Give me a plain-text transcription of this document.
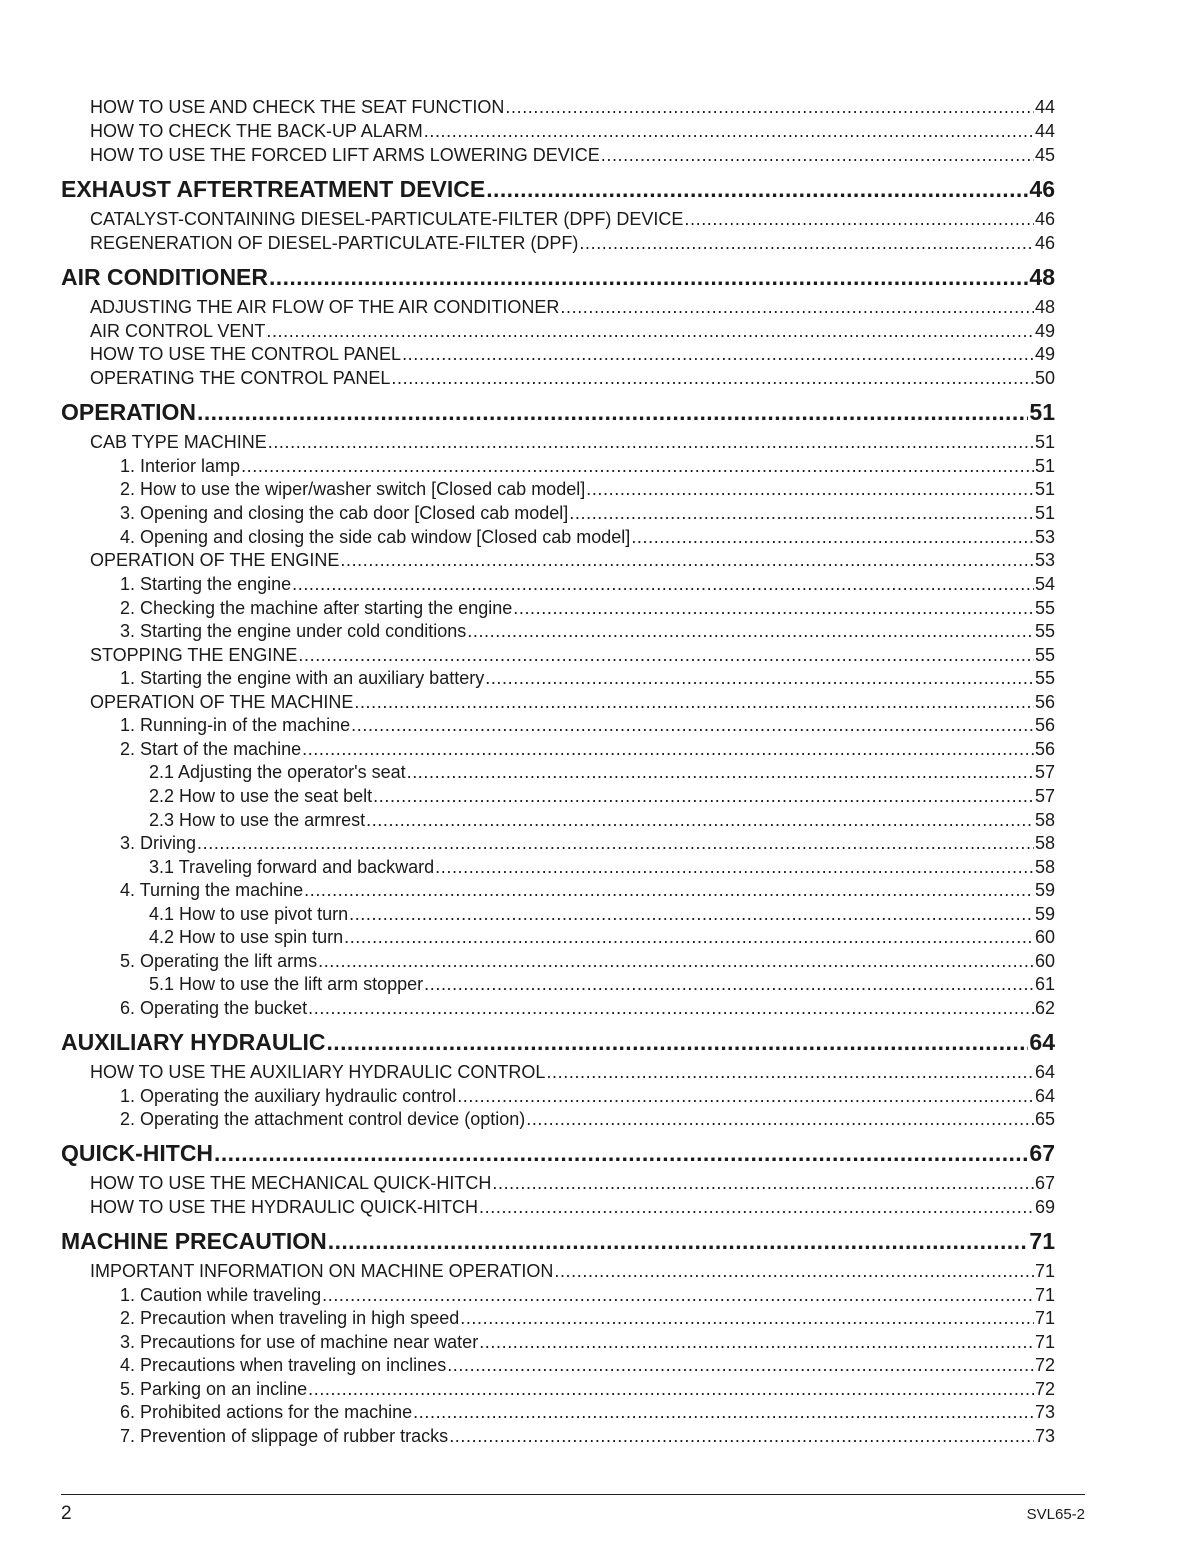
HOW TO USE AND CHECK THE SEAT FUNCTION .....	44
HOW TO CHECK THE BACK-UP ALARM .....	44
HOW TO USE THE FORCED LIFT ARMS LOWERING DEVICE .....	45
EXHAUST AFTERTREATMENT DEVICE .....	46
CATALYST-CONTAINING DIESEL-PARTICULATE-FILTER (DPF) DEVICE .....	46
REGENERATION OF DIESEL-PARTICULATE-FILTER (DPF) .....	46
AIR CONDITIONER .....	48
ADJUSTING THE AIR FLOW OF THE AIR CONDITIONER .....	48
AIR CONTROL VENT .....	49
HOW TO USE THE CONTROL PANEL .....	49
OPERATING THE CONTROL PANEL .....	50
OPERATION .....	51
CAB TYPE MACHINE .....	51
1. Interior lamp .....	51
2. How to use the wiper/washer switch [Closed cab model] .....	51
3. Opening and closing the cab door [Closed cab model] .....	51
4. Opening and closing the side cab window [Closed cab model] .....	53
OPERATION OF THE ENGINE .....	53
1. Starting the engine .....	54
2. Checking the machine after starting the engine .....	55
3. Starting the engine under cold conditions .....	55
STOPPING THE ENGINE .....	55
1. Starting the engine with an auxiliary battery .....	55
OPERATION OF THE MACHINE .....	56
1. Running-in of the machine .....	56
2. Start of the machine .....	56
2.1 Adjusting the operator's seat .....	57
2.2 How to use the seat belt .....	57
2.3 How to use the armrest .....	58
3. Driving .....	58
3.1 Traveling forward and backward .....	58
4. Turning the machine .....	59
4.1 How to use pivot turn .....	59
4.2 How to use spin turn .....	60
5. Operating the lift arms .....	60
5.1 How to use the lift arm stopper .....	61
6. Operating the bucket .....	62
AUXILIARY HYDRAULIC .....	64
HOW TO USE THE AUXILIARY HYDRAULIC CONTROL .....	64
1. Operating the auxiliary hydraulic control .....	64
2. Operating the attachment control device (option) .....	65
QUICK-HITCH .....	67
HOW TO USE THE MECHANICAL QUICK-HITCH .....	67
HOW TO USE THE HYDRAULIC QUICK-HITCH .....	69
MACHINE PRECAUTION .....	71
IMPORTANT INFORMATION ON MACHINE OPERATION .....	71
1. Caution while traveling .....	71
2. Precaution when traveling in high speed .....	71
3. Precautions for use of machine near water .....	71
4. Precautions when traveling on inclines .....	72
5. Parking on an incline .....	72
6. Prohibited actions for the machine .....	73
7. Prevention of slippage of rubber tracks .....	73
2	SVL65-2
